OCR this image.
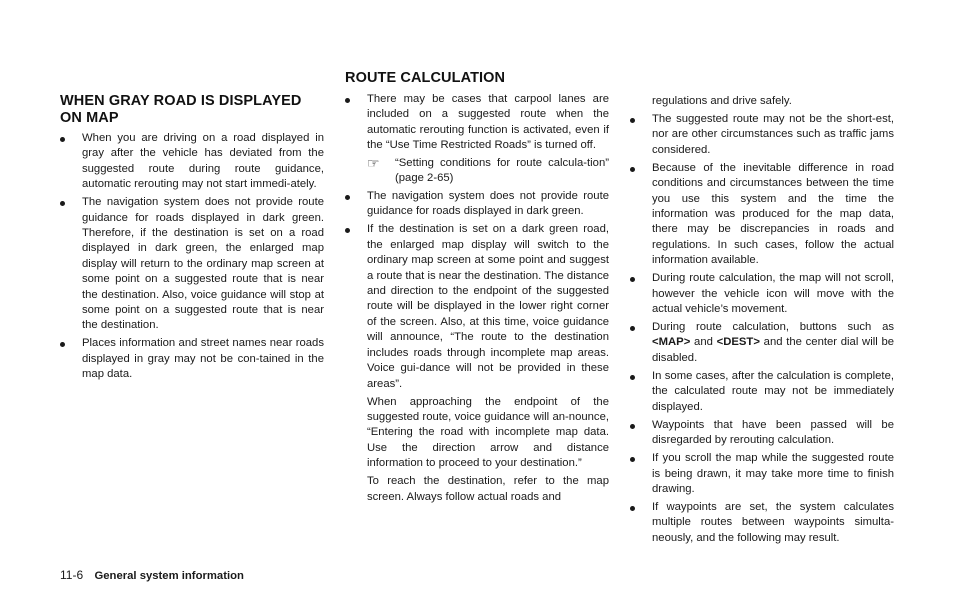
WHEN GRAY ROAD IS DISPLAYED ON MAP
When you are driving on a road displayed in gray after the vehicle has deviated from the suggested route during route guidance, automatic rerouting may not start immedi-ately.
The navigation system does not provide route guidance for roads displayed in dark green. Therefore, if the destination is set on a road displayed in dark green, the enlarged map display will return to the ordinary map screen at some point on a suggested route that is near the destination. Also, voice guidance will stop at some point on a suggested route that is near the destination.
Places information and street names near roads displayed in gray may not be con-tained in the map data.
ROUTE CALCULATION
There may be cases that carpool lanes are included on a suggested route when the automatic rerouting function is activated, even if the “Use Time Restricted Roads” is turned off.
☞	“Setting conditions for route calcula-tion” (page 2-65)
The navigation system does not provide route guidance for roads displayed in dark green.
If the destination is set on a dark green road, the enlarged map display will switch to the ordinary map screen at some point and suggest a route that is near the destination. The distance and direction to the endpoint of the suggested route will be displayed in the lower right corner of the screen. Also, at this time, voice guidance will announce, “The route to the destination includes roads through incomplete map areas. Voice gui-dance will not be provided in these areas”.

When approaching the endpoint of the suggested route, voice guidance will an-nounce, “Entering the road with incomplete map data. Use the direction arrow and distance information to proceed to your destination.”

To reach the destination, refer to the map screen. Always follow actual roads and

regulations and drive safely.

The suggested route may not be the short-est, nor are other circumstances such as traffic jams considered.
Because of the inevitable difference in road conditions and circumstances between the time you use this system and the time the information was produced for the map data, there may be discrepancies in roads and regulations. In such cases, follow the actual information available.
During route calculation, the map will not scroll, however the vehicle icon will move with the actual vehicle’s movement.
During route calculation, buttons such as <MAP> and <DEST> and the center dial will be disabled.
In some cases, after the calculation is complete, the calculated route may not be immediately displayed.
Waypoints that have been passed will be disregarded by rerouting calculation.
If you scroll the map while the suggested route is being drawn, it may take more time to finish drawing.
If waypoints are set, the system calculates multiple routes between waypoints simulta-neously, and the following may result.
11-6 General system information
